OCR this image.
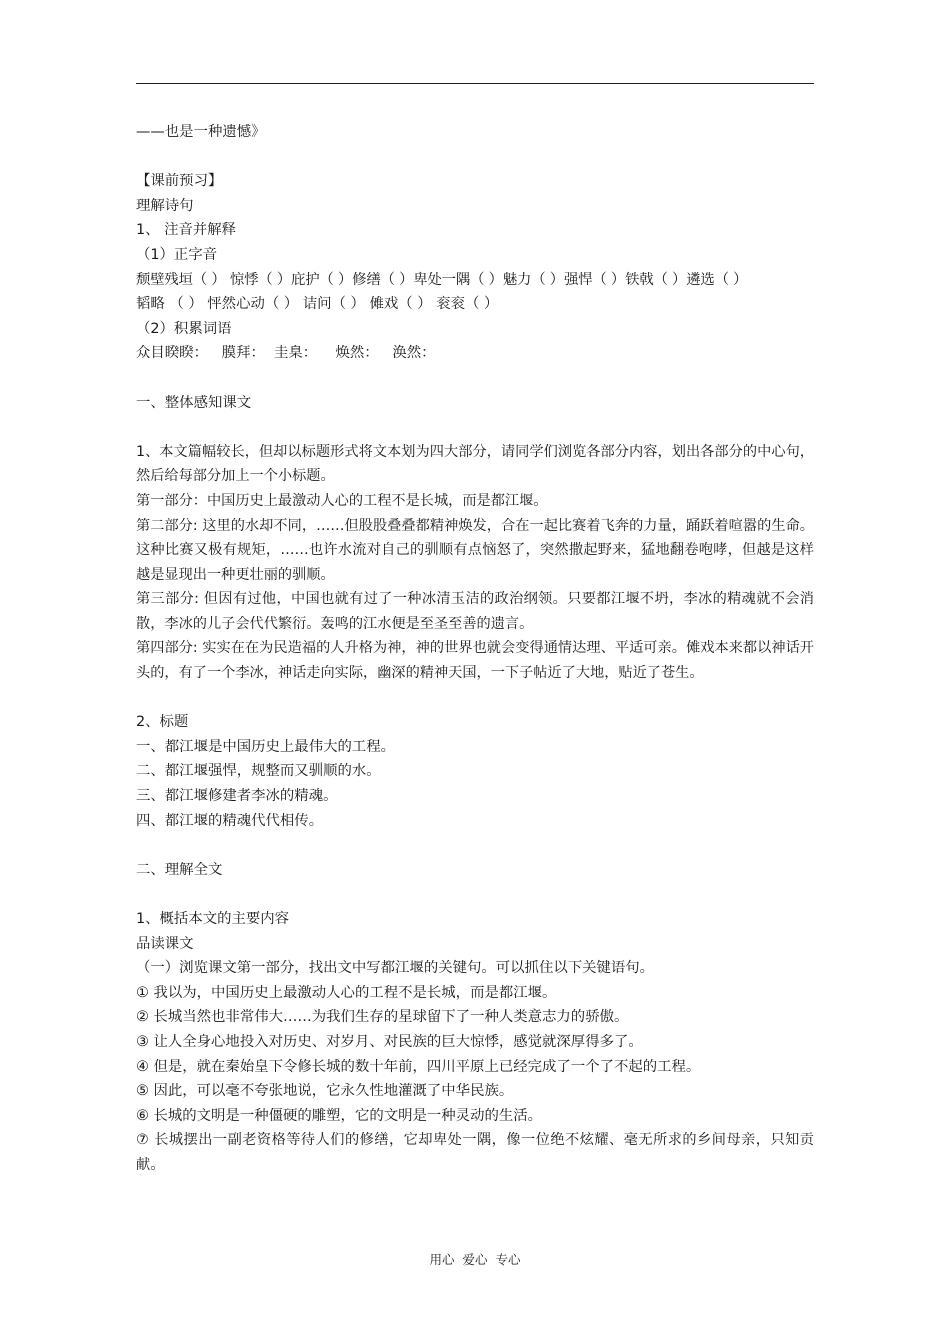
——也是一种遗憾》
【课前预习】
理解诗句
1、 注音并解释
（1）正字音
颓壁残垣（ ） 惊悸（ ）庇护（ ）修缮（ ）卑处一隅（ ）魅力（ ）强悍（ ）铁戟（ ）遴选（ ）
韬略 （ ） 怦然心动（ ） 诘问（ ） 傩戏（ ） 衮衮（ ）
（2）积累词语
众目睽睽：   膜拜：  圭臬：    焕然：   涣然：
一、整体感知课文
1、本文篇幅较长，但却以标题形式将文本划为四大部分，请同学们浏览各部分内容，划出各部分的中心句，然后给每部分加上一个小标题。
第一部分：中国历史上最激动人心的工程不是长城，而是都江堰。
第二部分: 这里的水却不同，……但股股叠叠都精神焕发，合在一起比赛着飞奔的力量，踊跃着喧嚣的生命。这种比赛又极有规矩，……也许水流对自己的驯顺有点恼怒了，突然撒起野来，猛地翻卷咆哮，但越是这样越是显现出一种更壮丽的驯顺。
第三部分: 但因有过他，中国也就有过了一种冰清玉洁的政治纲领。只要都江堰不坍，李冰的精魂就不会消散，李冰的儿子会代代繁衍。轰鸣的江水便是至圣至善的遗言。
第四部分: 实实在在为民造福的人升格为神，神的世界也就会变得通情达理、平适可亲。傩戏本来都以神话开头的，有了一个李冰，神话走向实际，幽深的精神天国，一下子帖近了大地，贴近了苍生。
2、标题
一、都江堰是中国历史上最伟大的工程。
二、都江堰强悍，规整而又驯顺的水。
三、都江堰修建者李冰的精魂。
四、都江堰的精魂代代相传。
二、理解全文
1、概括本文的主要内容
品读课文
（一）浏览课文第一部分，找出文中写都江堰的关键句。可以抓住以下关键语句。
① 我以为，中国历史上最激动人心的工程不是长城，而是都江堰。
② 长城当然也非常伟大……为我们生存的星球留下了一种人类意志力的骄傲。
③ 让人全身心地投入对历史、对岁月、对民族的巨大惊悸，感觉就深厚得多了。
④ 但是，就在秦始皇下令修长城的数十年前，四川平原上已经完成了一个了不起的工程。
⑤ 因此，可以毫不夸张地说，它永久性地灌溉了中华民族。
⑥ 长城的文明是一种僵硬的雕塑，它的文明是一种灵动的生活。
⑦ 长城摆出一副老资格等待人们的修缮，它却卑处一隅，像一位绝不炫耀、毫无所求的乡间母亲，只知贡献。
用心  爱心  专心
